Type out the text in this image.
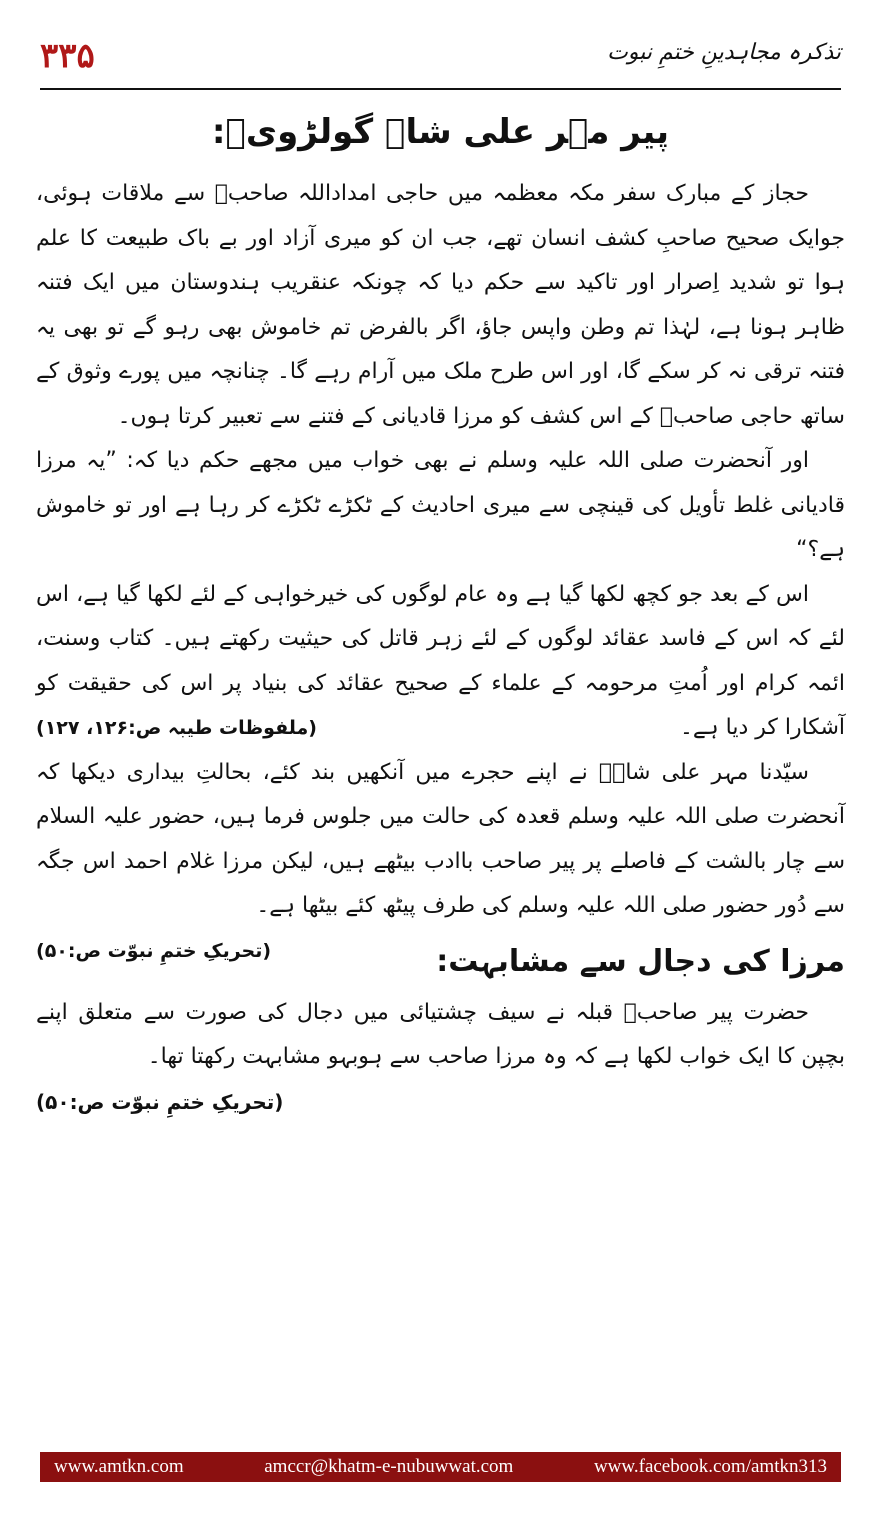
۳۳۵	تذکرہ مجاہدینِ ختمِ نبوت
پیر مہر علی شاہ گولڑویؒ:

حجاز کے مبارک سفر مکہ معظمہ میں حاجی امداداللہ صاحبؒ سے ملاقات ہوئی، جوایک صحیح صاحبِ کشف انسان تھے، جب ان کو میری آزاد اور بے باک طبیعت کا علم ہوا تو شدید اِصرار اور تاکید سے حکم دیا کہ چونکہ عنقریب ہندوستان میں ایک فتنہ ظاہر ہونا ہے، لہٰذا تم وطن واپس جاؤ، اگر بالفرض تم خاموش بھی رہو گے تو بھی یہ فتنہ ترقی نہ کر سکے گا، اور اس طرح ملک میں آرام رہے گا۔ چنانچہ میں پورے وثوق کے ساتھ حاجی صاحبؒ کے اس کشف کو مرزا قادیانی کے فتنے سے تعبیر کرتا ہوں۔

اور آنحضرت صلی اللہ علیہ وسلم نے بھی خواب میں مجھے حکم دیا کہ: ”یہ مرزا قادیانی غلط تأویل کی قینچی سے میری احادیث کے ٹکڑے ٹکڑے کر رہا ہے اور تو خاموش ہے؟“

اس کے بعد جو کچھ لکھا گیا ہے وہ عام لوگوں کی خیرخواہی کے لئے لکھا گیا ہے، اس لئے کہ اس کے فاسد عقائد لوگوں کے لئے زہر قاتل کی حیثیت رکھتے ہیں۔ کتاب وسنت، ائمہ کرام اور اُمتِ مرحومہ کے علماء کے صحیح عقائد کی بنیاد پر اس کی حقیقت کو آشکارا کر دیا ہے۔
(ملفوظات طیبہ ص:۱۲۶، ۱۲۷)

سیّدنا مہر علی شاہؒ نے اپنے حجرے میں آنکھیں بند کئے، بحالتِ بیداری دیکھا کہ آنحضرت صلی اللہ علیہ وسلم قعدہ کی حالت میں جلوس فرما ہیں، حضور علیہ السلام سے چار بالشت کے فاصلے پر پیر صاحب باادب بیٹھے ہیں، لیکن مرزا غلام احمد اس جگہ سے دُور حضور صلی اللہ علیہ وسلم کی طرف پیٹھ کئے بیٹھا ہے۔
(تحریکِ ختمِ نبوّت ص:۵۰)	مرزا کی دجال سے مشابہت:

حضرت پیر صاحبؒ قبلہ نے سیف چشتیائی میں دجال کی صورت سے متعلق اپنے بچپن کا ایک خواب لکھا ہے کہ وہ مرزا صاحب سے ہوبہو مشابہت رکھتا تھا۔

(تحریکِ ختمِ نبوّت ص:۵۰)
www.amtkn.com	amccr@khatm-e-nubuwwat.com	www.facebook.com/amtkn313
